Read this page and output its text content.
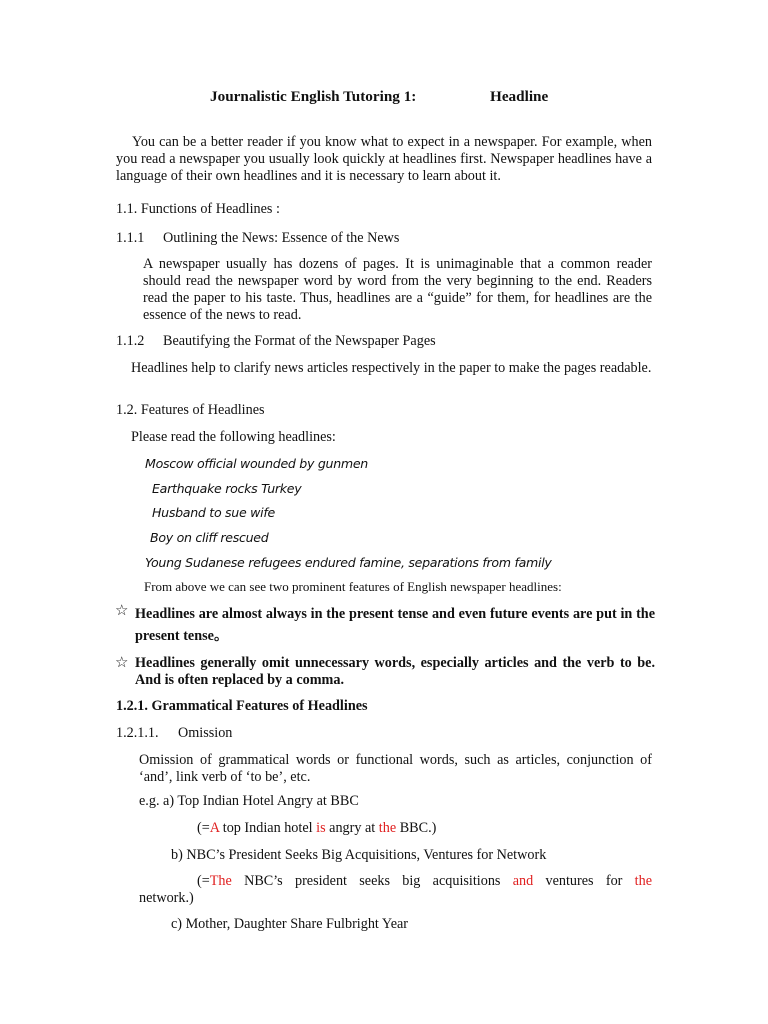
Journalistic English Tutoring 1:	Headline
You can be a better reader if you know what to expect in a newspaper. For example, when you read a newspaper you usually look quickly at headlines first. Newspaper headlines have a language of their own headlines and it is necessary to learn about it.
1.1. Functions of Headlines :
1.1.1 Outlining the News: Essence of the News
A newspaper usually has dozens of pages. It is unimaginable that a common reader should read the newspaper word by word from the very beginning to the end. Readers read the paper to his taste. Thus, headlines are a “guide” for them, for headlines are the essence of the news to read.
1.1.2 Beautifying the Format of the Newspaper Pages
Headlines help to clarify news articles respectively in the paper to make the pages readable.
1.2. Features of Headlines
Please read the following headlines:
Moscow official wounded by gunmen
Earthquake rocks Turkey
Husband to sue wife
Boy on cliff rescued
Young Sudanese refugees endured famine, separations from family
From above we can see two prominent features of English newspaper headlines:
☆ Headlines are almost always in the present tense and even future events are put in the present tense。
☆ Headlines generally omit unnecessary words, especially articles and the verb to be. And is often replaced by a comma.
1.2.1. Grammatical Features of Headlines
1.2.1.1. Omission
Omission of grammatical words or functional words, such as articles, conjunction of ‘and’, link verb of ‘to be’, etc.
e.g. a) Top Indian Hotel Angry at BBC
(=A top Indian hotel is angry at the BBC.)
b) NBC’s President Seeks Big Acquisitions, Ventures for Network
(=The NBC’s president seeks big acquisitions and ventures for the
network.)
c) Mother, Daughter Share Fulbright Year
